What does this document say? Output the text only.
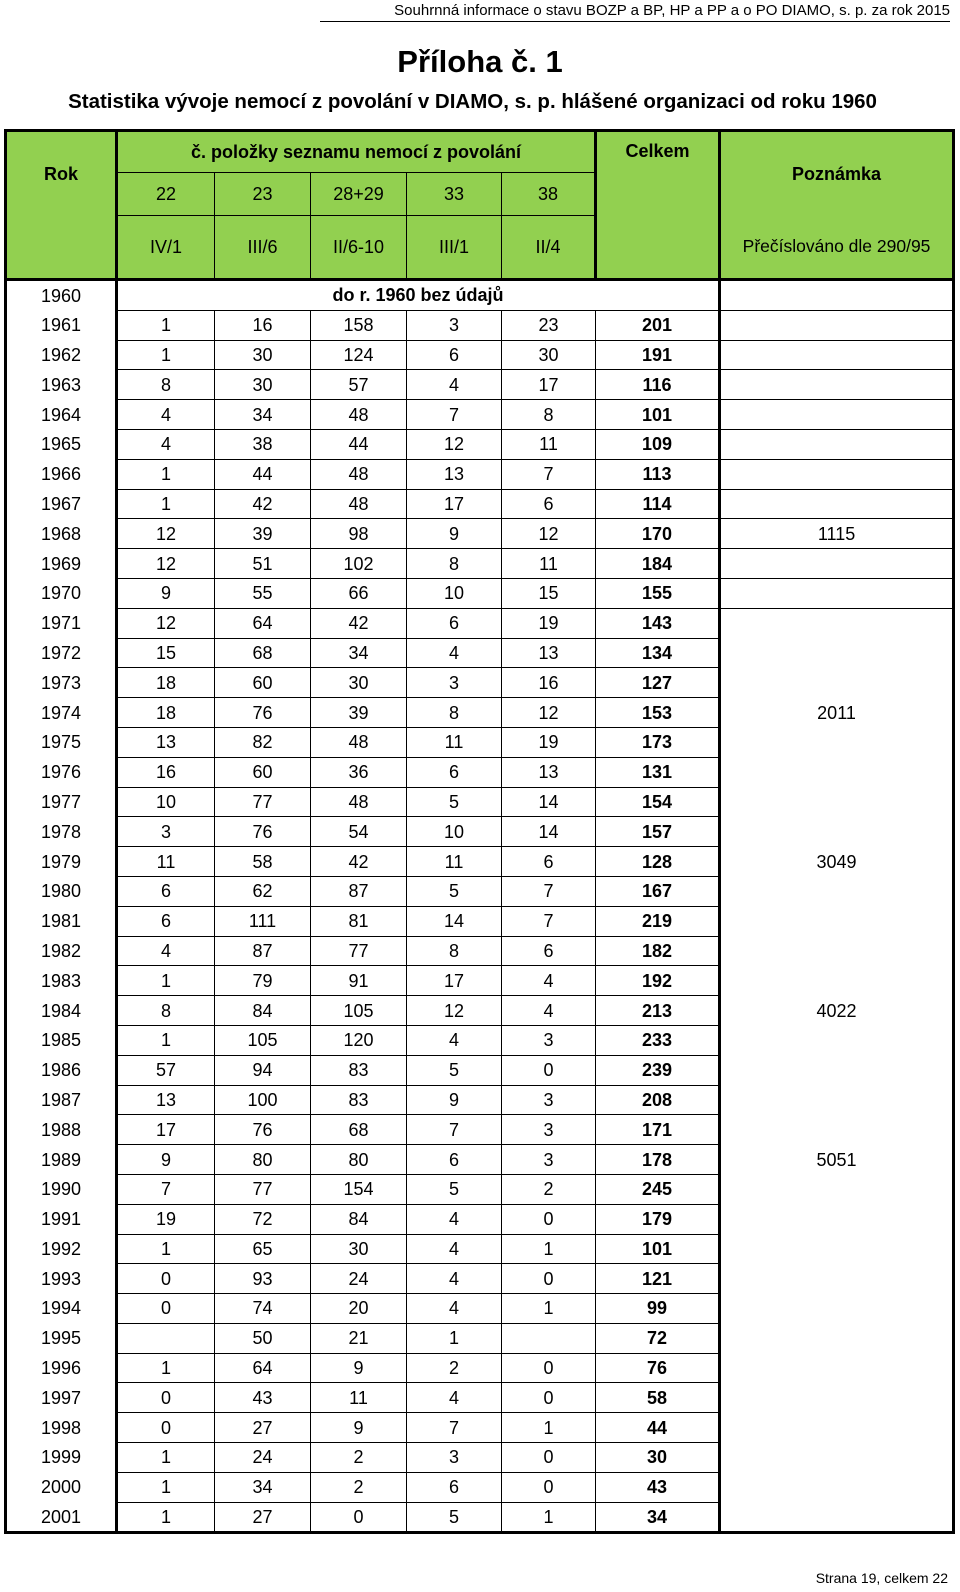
Souhrnná informace o stavu BOZP a BP, HP a PP a o PO DIAMO, s. p. za rok 2015
Příloha č. 1
Statistika vývoje nemocí z povolání v DIAMO, s. p. hlášené organizaci od roku 1960
Rok	č. položky seznamu nemocí z povolání					Celkem	Poznámka
	22	23	28+29	33	38		
	IV/1	III/6	II/6-10	III/1	II/4		Přečíslováno dle 290/95
1960	do r. 1960 bez údajů						
1961	1	16	158	3	23	201	
1962	1	30	124	6	30	191	
1963	8	30	57	4	17	116	
1964	4	34	48	7	8	101	
1965	4	38	44	12	11	109	
1966	1	44	48	13	7	113	
1967	1	42	48	17	6	114	
1968	12	39	98	9	12	170	1115
1969	12	51	102	8	11	184	
1970	9	55	66	10	15	155	
1971	12	64	42	6	19	143	
1972	15	68	34	4	13	134	
1973	18	60	30	3	16	127	
1974	18	76	39	8	12	153	2011
1975	13	82	48	11	19	173	
1976	16	60	36	6	13	131	
1977	10	77	48	5	14	154	
1978	3	76	54	10	14	157	
1979	11	58	42	11	6	128	3049
1980	6	62	87	5	7	167	
1981	6	111	81	14	7	219	
1982	4	87	77	8	6	182	
1983	1	79	91	17	4	192	
1984	8	84	105	12	4	213	4022
1985	1	105	120	4	3	233	
1986	57	94	83	5	0	239	
1987	13	100	83	9	3	208	
1988	17	76	68	7	3	171	
1989	9	80	80	6	3	178	5051
1990	7	77	154	5	2	245	
1991	19	72	84	4	0	179	
1992	1	65	30	4	1	101	
1993	0	93	24	4	0	121	
1994	0	74	20	4	1	99	
1995		50	21	1		72	
1996	1	64	9	2	0	76	
1997	0	43	11	4	0	58	
1998	0	27	9	7	1	44	
1999	1	24	2	3	0	30	
2000	1	34	2	6	0	43	
2001	1	27	0	5	1	34	
Strana 19, celkem 22
